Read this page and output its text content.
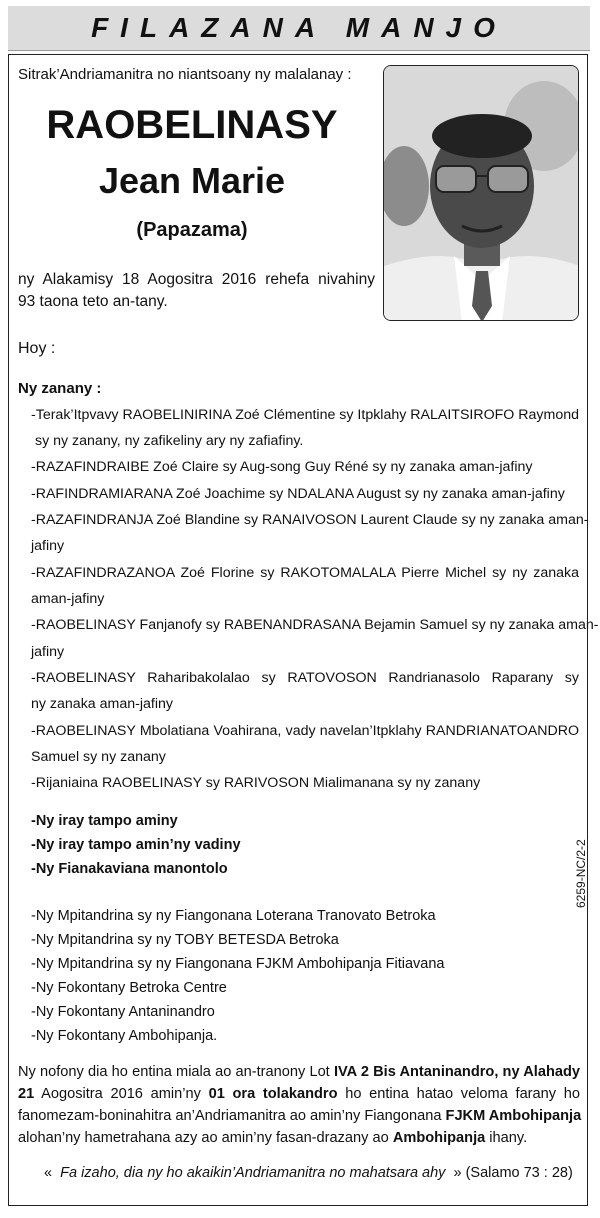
FILAZANA MANJO
Sitrak’Andriamanitra no niantsoany ny malalanay :
RAOBELINASY
Jean Marie
(Papazama)
ny Alakamisy 18 Aogositra 2016 rehefa nivahiny
93 taona teto an-tany.
Hoy :
Ny zanany :
-Terak’Itpvavy RAOBELINIRINA Zoé Clémentine sy Itpklahy RALAITSIROFO Raymond
sy ny zanany, ny zafikeliny ary ny zafiafiny.
-RAZAFINDRAIBE Zoé Claire sy Aug-song Guy Réné sy ny zanaka aman-jafiny
-RAFINDRAMIARANA Zoé Joachime sy NDALANA August sy ny zanaka aman-jafiny
-RAZAFINDRANJA Zoé Blandine sy RANAIVOSON Laurent Claude sy ny zanaka aman-
jafiny
-RAZAFINDRAZANOA Zoé Florine sy RAKOTOMALALA Pierre Michel sy ny zanaka
aman-jafiny
-RAOBELINASY Fanjanofy sy RABENANDRASANA Bejamin Samuel sy ny zanaka aman-
jafiny
-RAOBELINASY Raharibakolalao sy RATOVOSON Randrianasolo Raparany sy
ny zanaka aman-jafiny
-RAOBELINASY Mbolatiana Voahirana, vady navelan’Itpklahy RANDRIANATOANDRO
Samuel sy ny zanany
-Rijaniaina RAOBELINASY sy RARIVOSON Mialimanana sy ny zanany
-Ny iray tampo aminy
-Ny iray tampo amin’ny vadiny
-Ny Fianakaviana manontolo
-Ny Mpitandrina sy ny Fiangonana Loterana Tranovato Betroka
-Ny Mpitandrina sy ny TOBY BETESDA Betroka
-Ny Mpitandrina sy ny Fiangonana FJKM Ambohipanja Fitiavana
-Ny Fokontany Betroka Centre
-Ny Fokontany Antaninandro
-Ny Fokontany Ambohipanja.
6259-NC/2-2
Ny nofony dia ho entina miala ao an-tranony Lot IVA 2 Bis Antaninandro, ny Alahady
21 Aogositra 2016 amin’ny 01 ora tolakandro ho entina hatao veloma farany ho
fanomezam-boninahitra an’Andriamanitra ao amin’ny Fiangonana FJKM Ambohipanja
alohan’ny hametrahana azy ao amin’ny fasan-drazany ao Ambohipanja ihany.
« Fa izaho, dia ny ho akaikin’Andriamanitra no mahatsara ahy » (Salamo 73 : 28)
